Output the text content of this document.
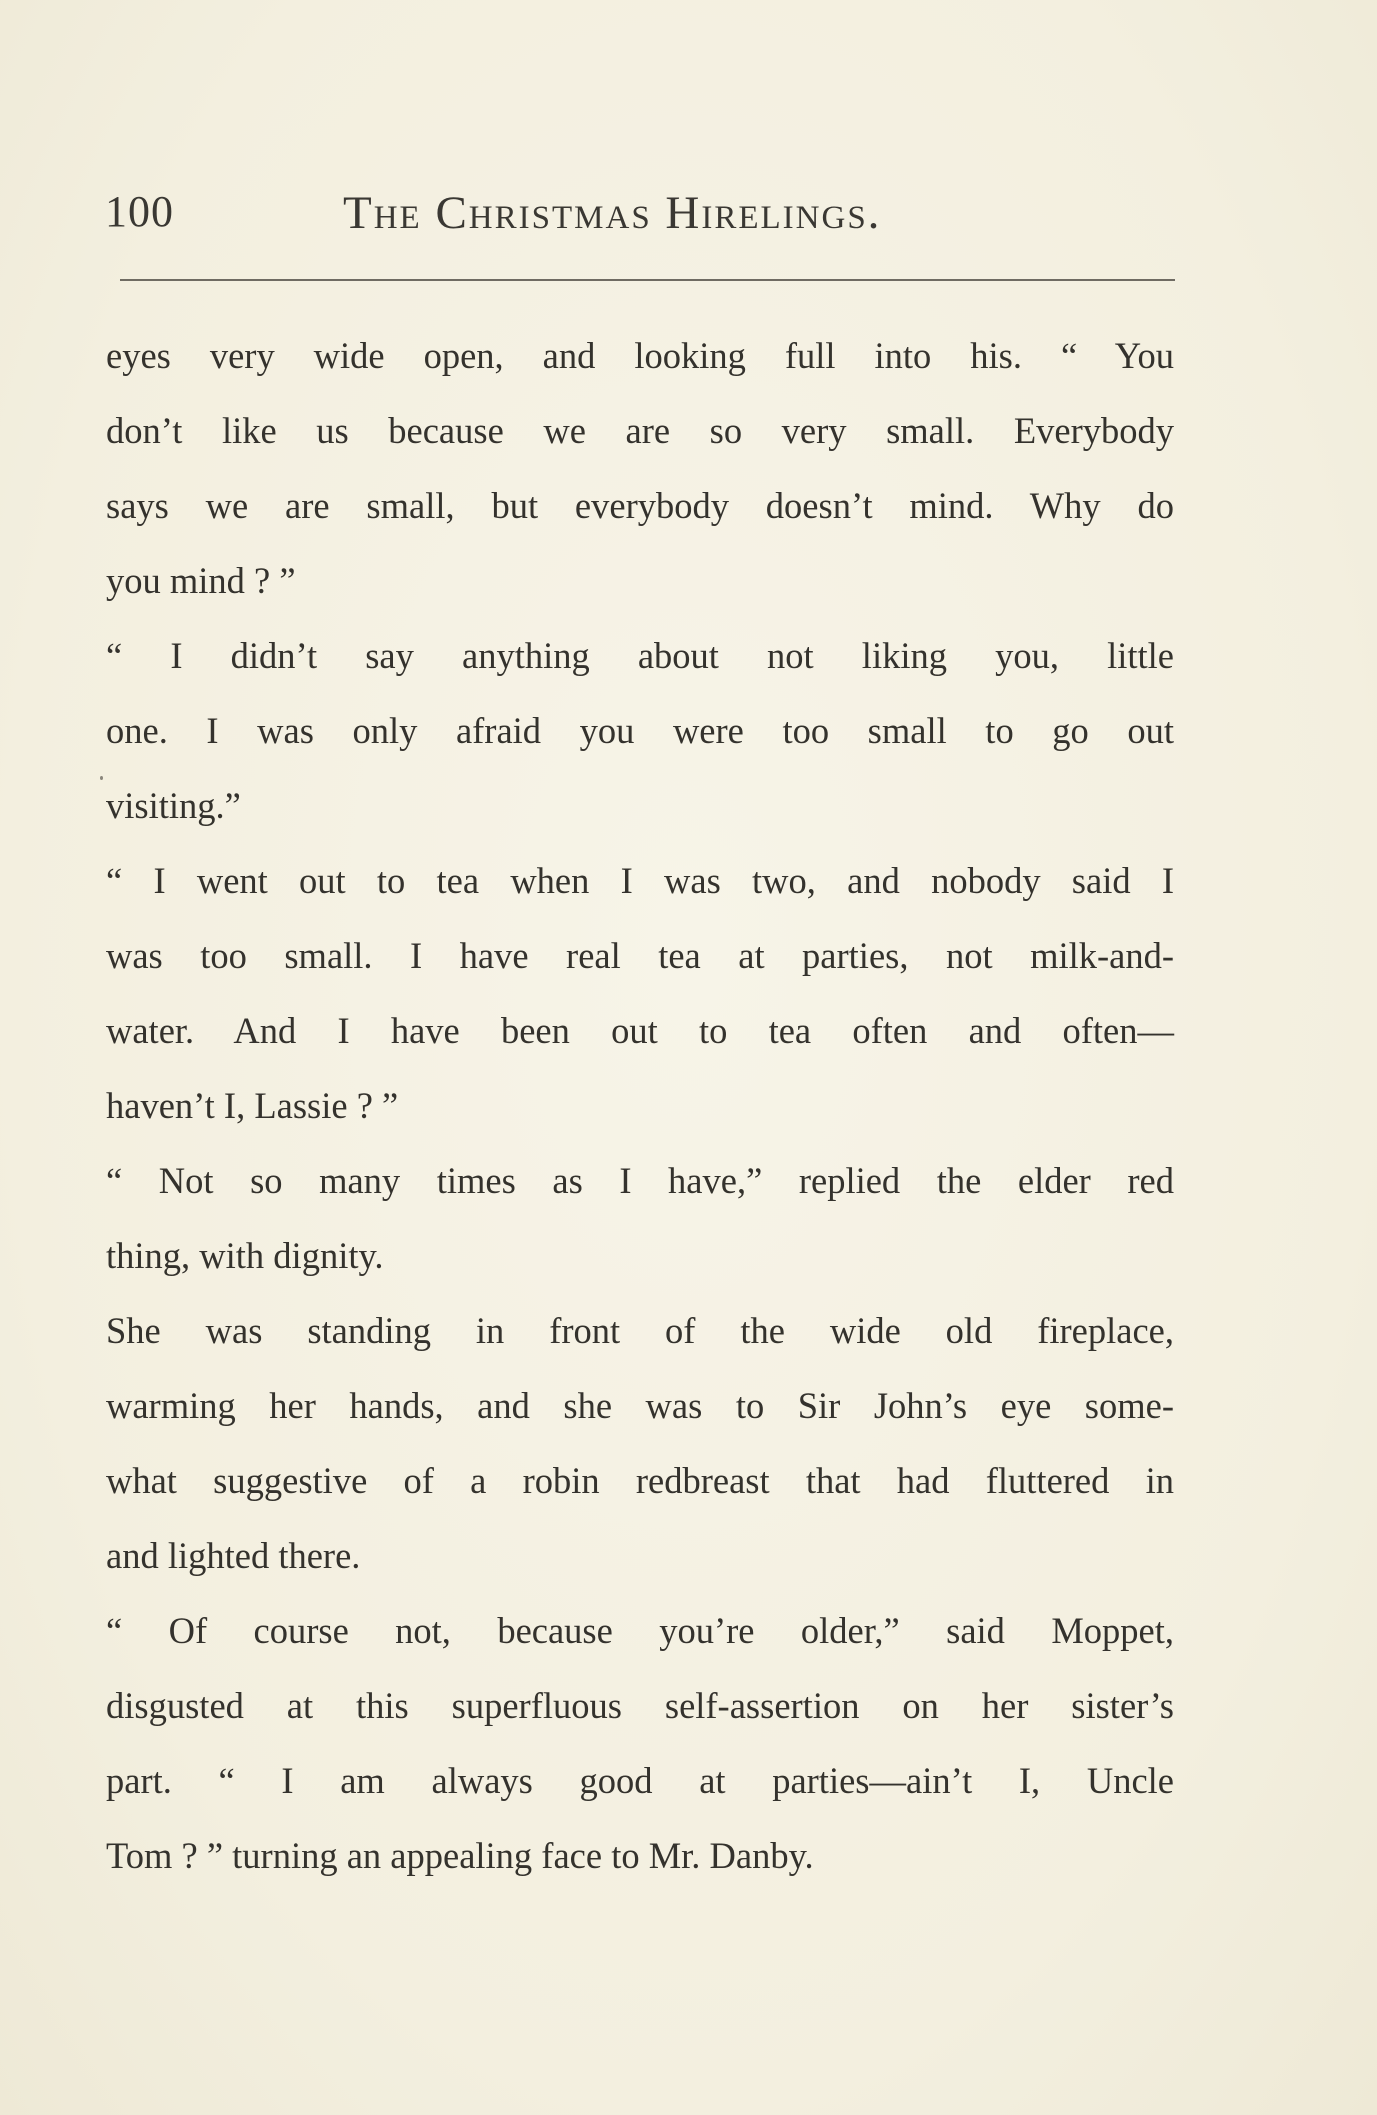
100	The Christmas Hirelings.
eyes very wide open, and looking full into his. “ You
don’t like us because we are so very small. Everybody
says we are small, but everybody doesn’t mind. Why do
you mind ? ”
“ I didn’t say anything about not liking you, little
one. I was only afraid you were too small to go out
visiting.”
“ I went out to tea when I was two, and nobody said I
was too small. I have real tea at parties, not milk-and-
water. And I have been out to tea often and often—
haven’t I, Lassie ? ”
“ Not so many times as I have,” replied the elder red
thing, with dignity.
She was standing in front of the wide old fireplace,
warming her hands, and she was to Sir John’s eye some-
what suggestive of a robin redbreast that had fluttered in
and lighted there.
“ Of course not, because you’re older,” said Moppet,
disgusted at this superfluous self-assertion on her sister’s
part. “ I am always good at parties—ain’t I, Uncle
Tom ? ” turning an appealing face to Mr. Danby.
